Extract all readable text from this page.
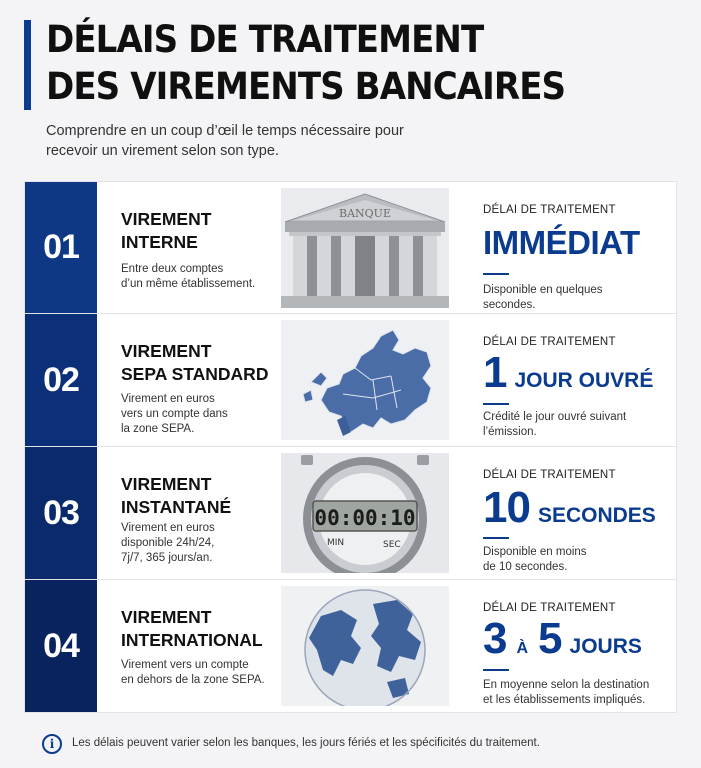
DÉLAIS DE TRAITEMENT
DES VIREMENTS BANCAIRES

Comprendre en un coup d’œil le temps nécessaire pour
recevoir un virement selon son type.

01
VIREMENT
INTERNE
Entre deux comptes
d’un même établissement.
BANQUE	DÉLAI DE TRAITEMENT
IMMÉDIAT
Disponible en quelques secondes.
02
VIREMENT
SEPA STANDARD
Virement en euros
vers un compte dans
la zone SEPA.
DÉLAI DE TRAITEMENT
1 JOUR OUVRÉ
Crédité le jour ouvré suivant
l’émission.
03
VIREMENT
INSTANTANÉ
Virement en euros
disponible 24h/24,
7j/7, 365 jours/an.
00:00:10
MIN	SEC
DÉLAI DE TRAITEMENT
10 SECONDES
Disponible en moins
de 10 secondes.
04
VIREMENT
INTERNATIONAL
Virement vers un compte
en dehors de la zone SEPA.
DÉLAI DE TRAITEMENT
3 À 5 JOURS
En moyenne selon la destination
et les établissements impliqués.
i	Les délais peuvent varier selon les banques, les jours fériés et les spécificités du traitement.
